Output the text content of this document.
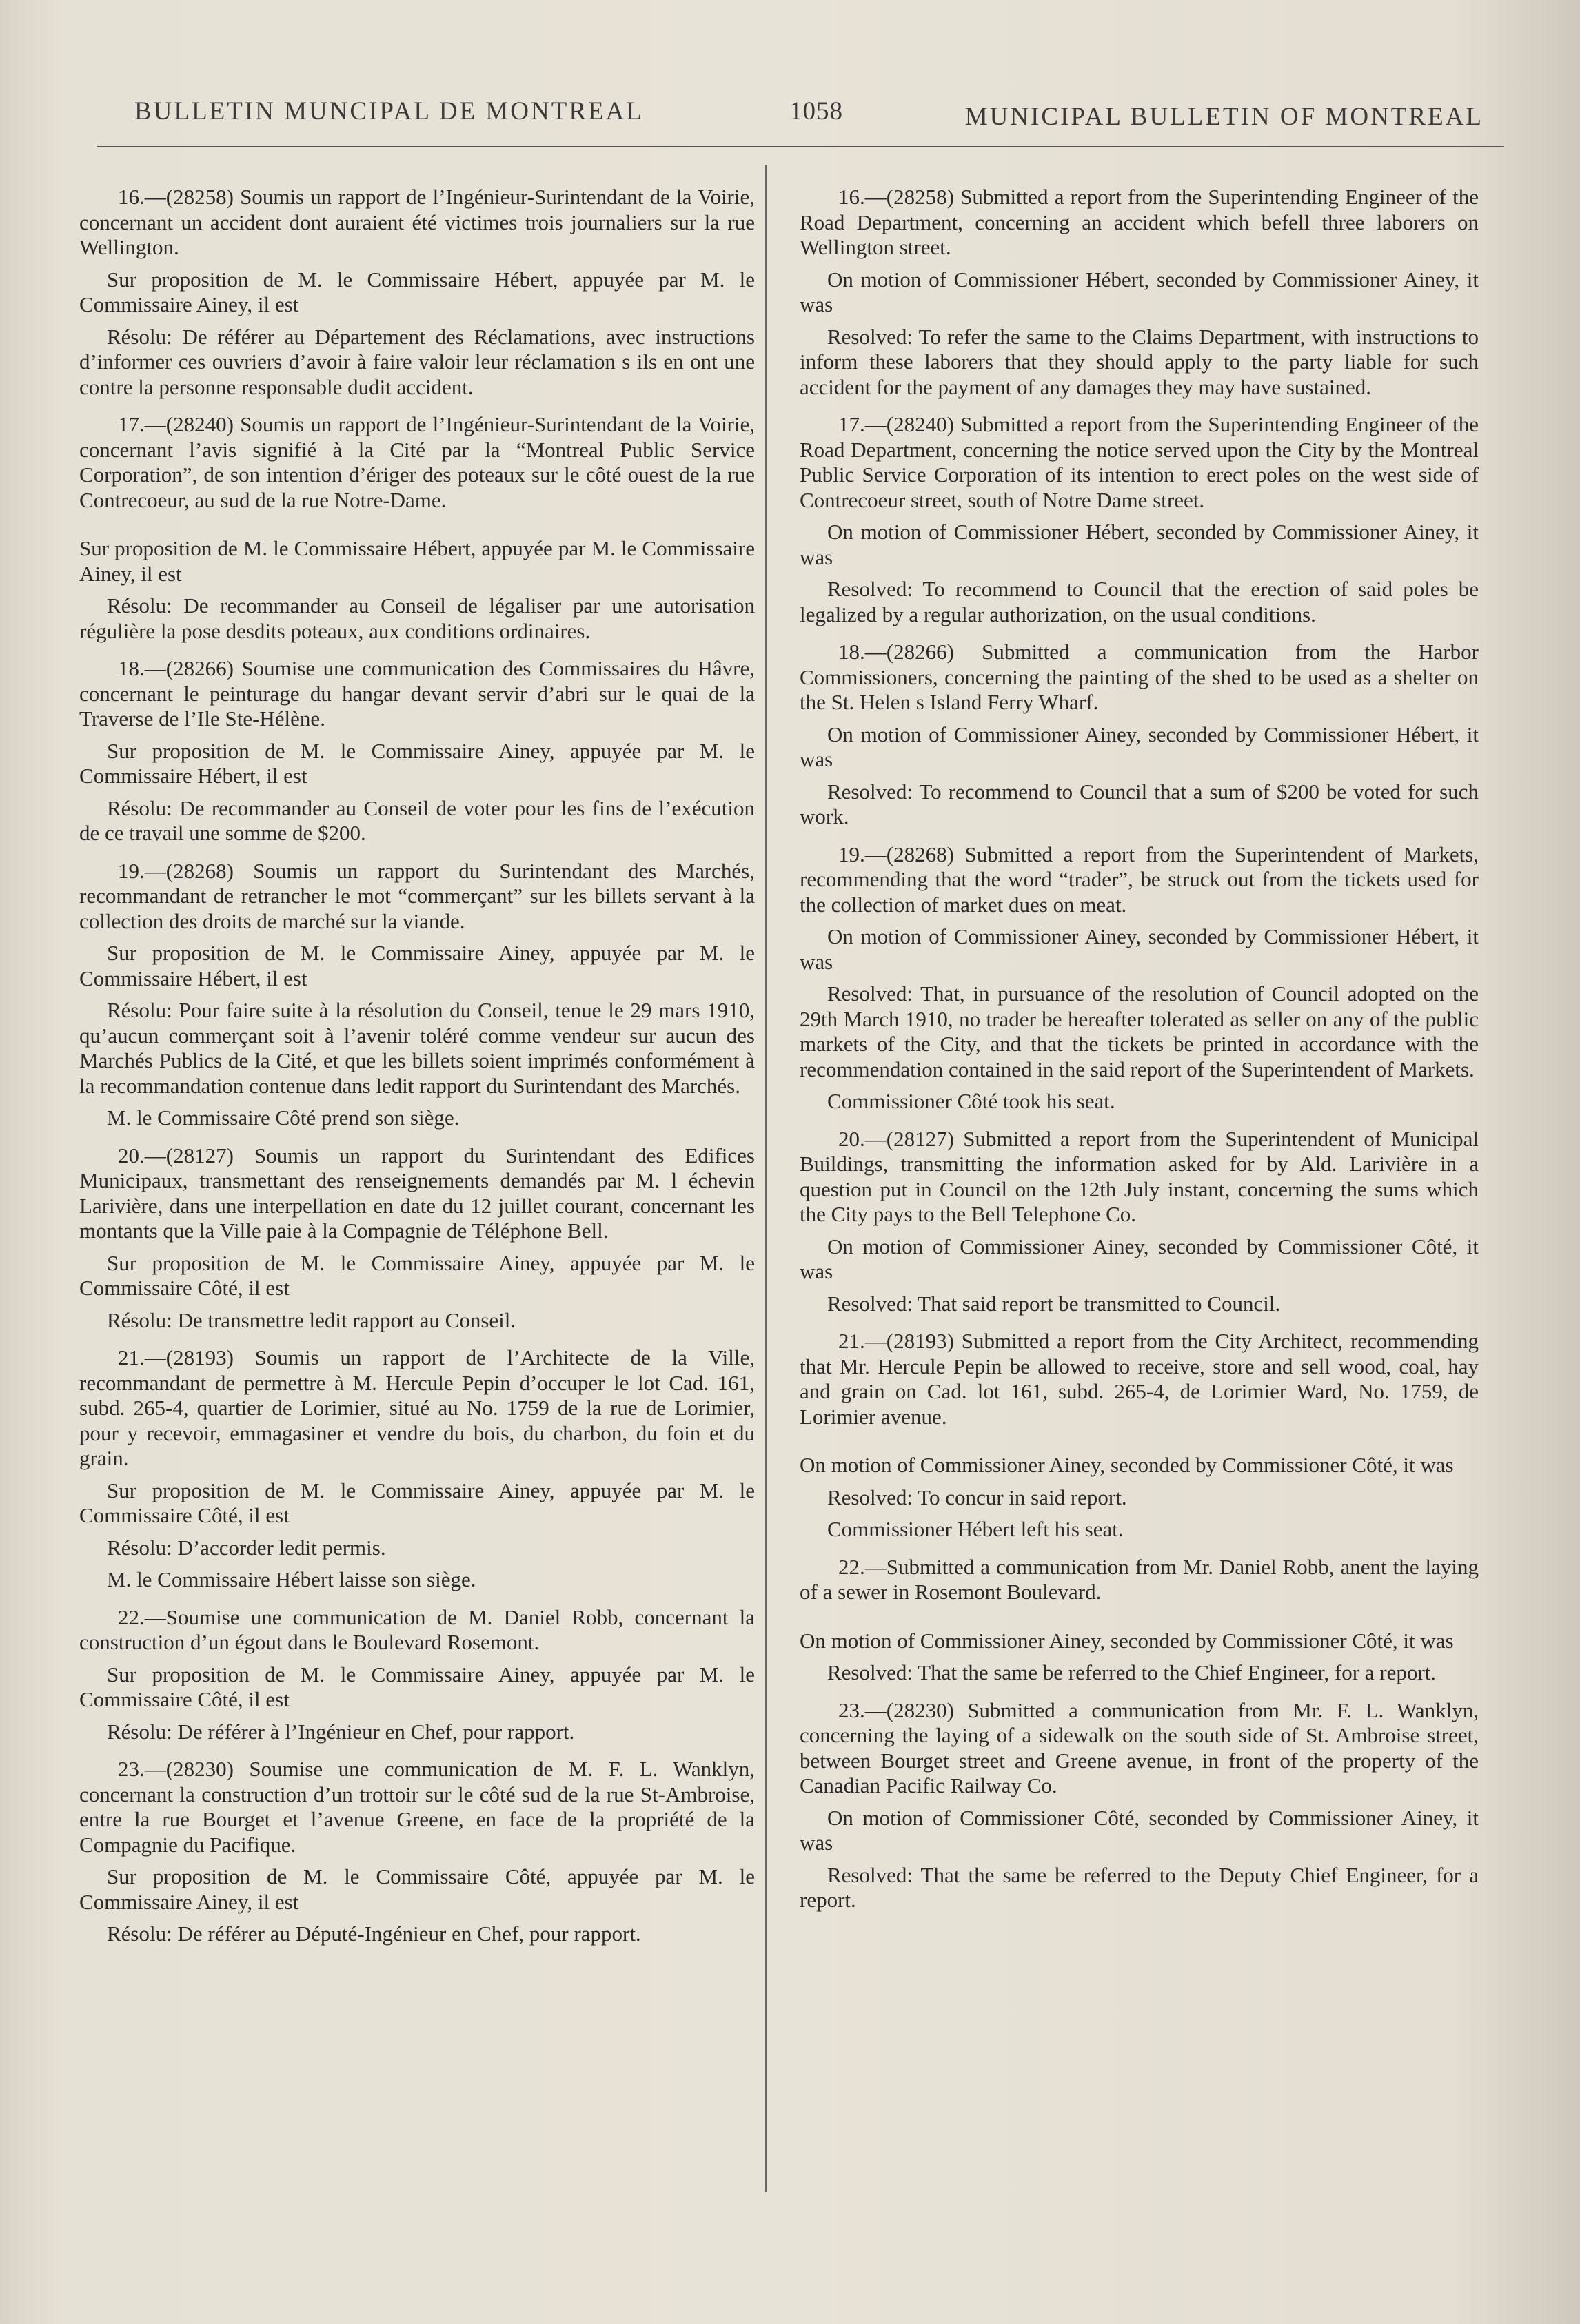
BULLETIN MUNCIPAL DE MONTREAL	1058	MUNICIPAL BULLETIN OF MONTREAL

16.—(28258) Soumis un rapport de l’Ingénieur-Surintendant de la Voirie, concernant un accident dont auraient été victimes trois journaliers sur la rue Wellington.

Sur proposition de M. le Commissaire Hébert, appuyée par M. le Commissaire Ainey, il est

Résolu: De référer au Département des Réclamations, avec instructions d’informer ces ouvriers d’avoir à faire valoir leur réclamation s ils en ont une contre la personne responsable dudit accident.

17.—(28240) Soumis un rapport de l’Ingénieur-Surintendant de la Voirie, concernant l’avis signifié à la Cité par la “Montreal Public Service Corporation”, de son intention d’ériger des poteaux sur le côté ouest de la rue Contrecoeur, au sud de la rue Notre-Dame.

Sur proposition de M. le Commissaire Hébert, appuyée par M. le Commissaire Ainey, il est

Résolu: De recommander au Conseil de légaliser par une autorisation régulière la pose desdits poteaux, aux conditions ordinaires.

18.—(28266) Soumise une communication des Commissaires du Hâvre, concernant le peinturage du hangar devant servir d’abri sur le quai de la Traverse de l’Ile Ste-Hélène.

Sur proposition de M. le Commissaire Ainey, appuyée par M. le Commissaire Hébert, il est

Résolu: De recommander au Conseil de voter pour les fins de l’exécution de ce travail une somme de $200.

19.—(28268) Soumis un rapport du Surintendant des Marchés, recommandant de retrancher le mot “commerçant” sur les billets servant à la collection des droits de marché sur la viande.

Sur proposition de M. le Commissaire Ainey, appuyée par M. le Commissaire Hébert, il est

Résolu: Pour faire suite à la résolution du Conseil, tenue le 29 mars 1910, qu’aucun commerçant soit à l’avenir toléré comme vendeur sur aucun des Marchés Publics de la Cité, et que les billets soient imprimés conformément à la recommandation contenue dans ledit rapport du Surintendant des Marchés.

M. le Commissaire Côté prend son siège.

20.—(28127) Soumis un rapport du Surintendant des Edifices Municipaux, transmettant des renseignements demandés par M. l échevin Larivière, dans une interpellation en date du 12 juillet courant, concernant les montants que la Ville paie à la Compagnie de Téléphone Bell.

Sur proposition de M. le Commissaire Ainey, appuyée par M. le Commissaire Côté, il est

Résolu: De transmettre ledit rapport au Conseil.

21.—(28193) Soumis un rapport de l’Architecte de la Ville, recommandant de permettre à M. Hercule Pepin d’occuper le lot Cad. 161, subd. 265-4, quartier de Lorimier, situé au No. 1759 de la rue de Lorimier, pour y recevoir, emmagasiner et vendre du bois, du charbon, du foin et du grain.

Sur proposition de M. le Commissaire Ainey, appuyée par M. le Commissaire Côté, il est

Résolu: D’accorder ledit permis.

M. le Commissaire Hébert laisse son siège.

22.—Soumise une communication de M. Daniel Robb, concernant la construction d’un égout dans le Boulevard Rosemont.

Sur proposition de M. le Commissaire Ainey, appuyée par M. le Commissaire Côté, il est

Résolu: De référer à l’Ingénieur en Chef, pour rapport.

23.—(28230) Soumise une communication de M. F. L. Wanklyn, concernant la construction d’un trottoir sur le côté sud de la rue St-Ambroise, entre la rue Bourget et l’avenue Greene, en face de la propriété de la Compagnie du Pacifique.

Sur proposition de M. le Commissaire Côté, appuyée par M. le Commissaire Ainey, il est

Résolu: De référer au Député-Ingénieur en Chef, pour rapport.

16.—(28258) Submitted a report from the Superintending Engineer of the Road Department, concerning an accident which befell three laborers on Wellington street.

On motion of Commissioner Hébert, seconded by Commissioner Ainey, it was

Resolved: To refer the same to the Claims Department, with instructions to inform these laborers that they should apply to the party liable for such accident for the payment of any damages they may have sustained.

17.—(28240) Submitted a report from the Superintending Engineer of the Road Department, concerning the notice served upon the City by the Montreal Public Service Corporation of its intention to erect poles on the west side of Contrecoeur street, south of Notre Dame street.

On motion of Commissioner Hébert, seconded by Commissioner Ainey, it was

Resolved: To recommend to Council that the erection of said poles be legalized by a regular authorization, on the usual conditions.

18.—(28266) Submitted a communication from the Harbor Commissioners, concerning the painting of the shed to be used as a shelter on the St. Helen s Island Ferry Wharf.

On motion of Commissioner Ainey, seconded by Commissioner Hébert, it was

Resolved: To recommend to Council that a sum of $200 be voted for such work.

19.—(28268) Submitted a report from the Superintendent of Markets, recommending that the word “trader”, be struck out from the tickets used for the collection of market dues on meat.

On motion of Commissioner Ainey, seconded by Commissioner Hébert, it was

Resolved: That, in pursuance of the resolution of Council adopted on the 29th March 1910, no trader be hereafter tolerated as seller on any of the public markets of the City, and that the tickets be printed in accordance with the recommendation contained in the said report of the Superintendent of Markets.

Commissioner Côté took his seat.

20.—(28127) Submitted a report from the Superintendent of Municipal Buildings, transmitting the information asked for by Ald. Larivière in a question put in Council on the 12th July instant, concerning the sums which the City pays to the Bell Telephone Co.

On motion of Commissioner Ainey, seconded by Commissioner Côté, it was

Resolved: That said report be transmitted to Council.

21.—(28193) Submitted a report from the City Architect, recommending that Mr. Hercule Pepin be allowed to receive, store and sell wood, coal, hay and grain on Cad. lot 161, subd. 265-4, de Lorimier Ward, No. 1759, de Lorimier avenue.

On motion of Commissioner Ainey, seconded by Commissioner Côté, it was

Resolved: To concur in said report.

Commissioner Hébert left his seat.

22.—Submitted a communication from Mr. Daniel Robb, anent the laying of a sewer in Rosemont Boulevard.

On motion of Commissioner Ainey, seconded by Commissioner Côté, it was

Resolved: That the same be referred to the Chief Engineer, for a report.

23.—(28230) Submitted a communication from Mr. F. L. Wanklyn, concerning the laying of a sidewalk on the south side of St. Ambroise street, between Bourget street and Greene avenue, in front of the property of the Canadian Pacific Railway Co.

On motion of Commissioner Côté, seconded by Commissioner Ainey, it was

Resolved: That the same be referred to the Deputy Chief Engineer, for a report.
